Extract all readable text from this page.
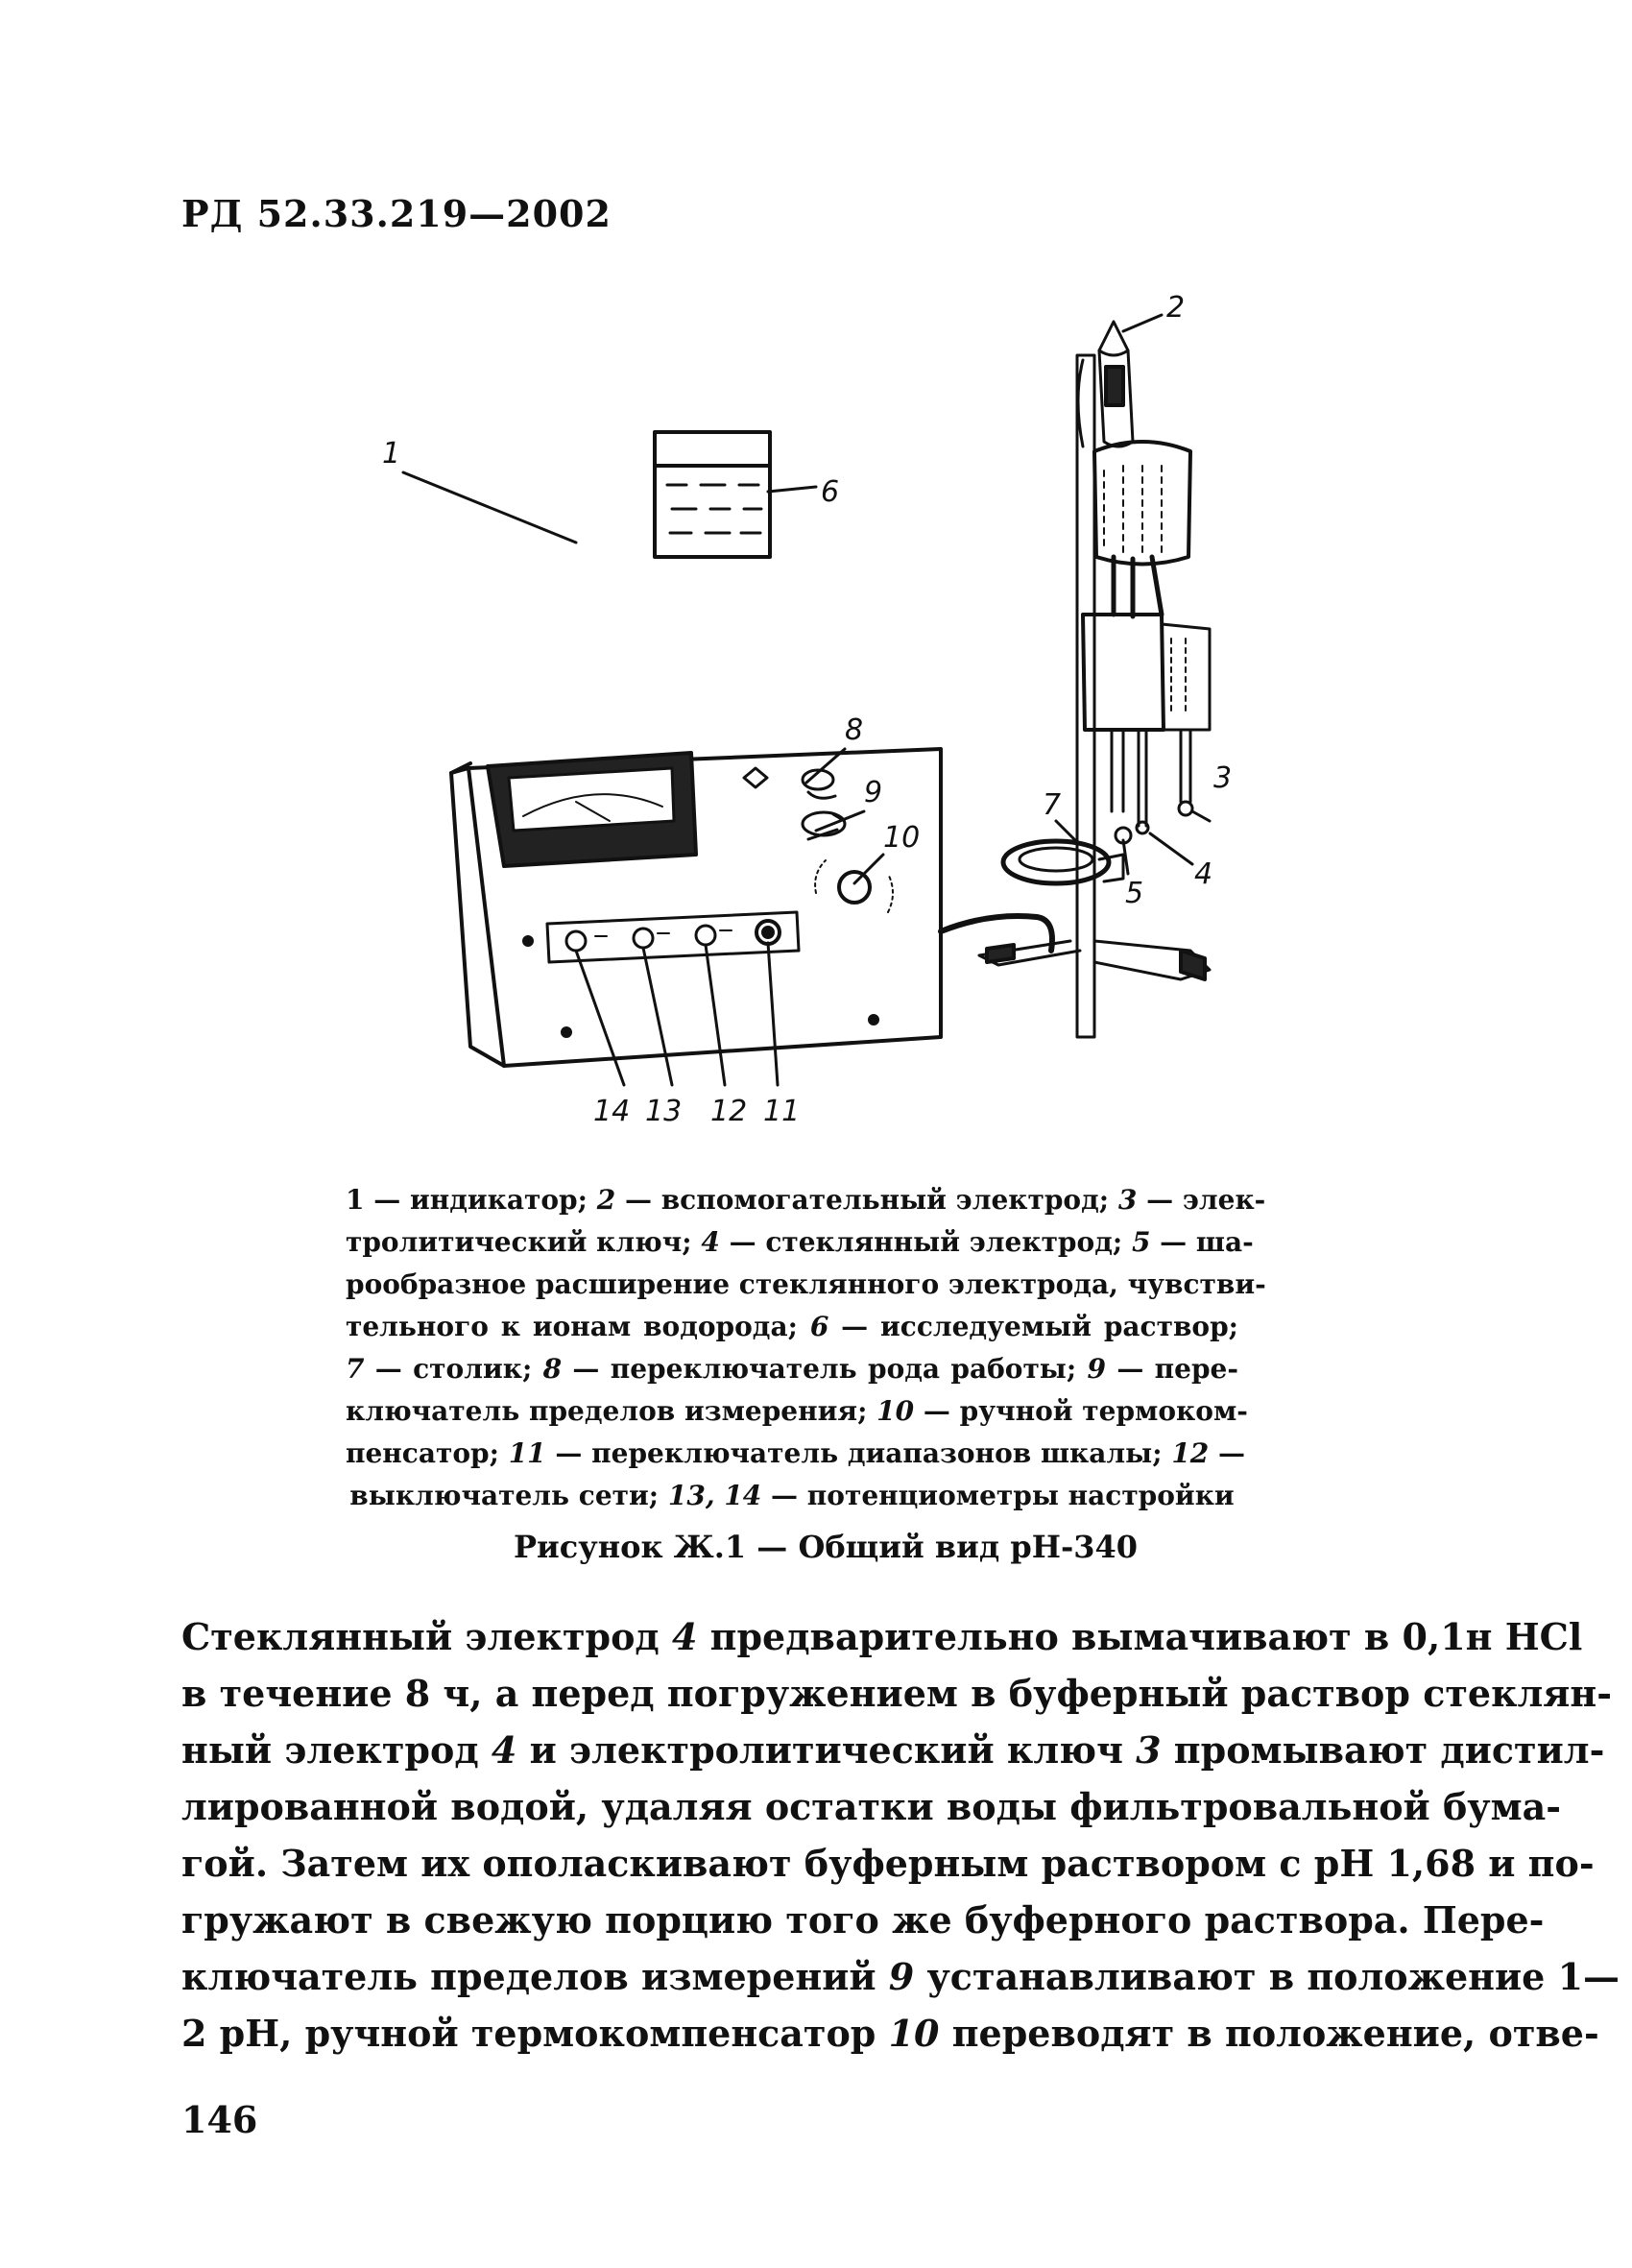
РД 52.33.219—2002
1
2
3
4
5
6
7
8
9
10
11
12
13
14
1 — индикатор; 2 — вспомогательный электрод; 3 — элек-
тролитический ключ; 4 — стеклянный электрод; 5 — ша-
рообразное расширение стеклянного электрода, чувстви-
тельного к ионам водорода; 6 — исследуемый раствор;
7 — столик; 8 — переключатель рода работы; 9 — пере-
ключатель пределов измерения; 10 — ручной термоком-
пенсатор; 11 — переключатель диапазонов шкалы; 12 —
выключатель сети; 13, 14 — потенциометры настройки
Рисунок Ж.1 — Общий вид pH-340
Стеклянный электрод 4 предварительно вымачивают в 0,1н HCl
в течение 8 ч, а перед погружением в буферный раствор стеклян-
ный электрод 4 и электролитический ключ 3 промывают дистил-
лированной водой, удаляя остатки воды фильтровальной бума-
гой. Затем их ополаскивают буферным раствором с pH 1,68 и по-
гружают в свежую порцию того же буферного раствора. Пере-
ключатель пределов измерений 9 устанавливают в положение 1—
2 pH, ручной термокомпенсатор 10 переводят в положение, отве-
146
